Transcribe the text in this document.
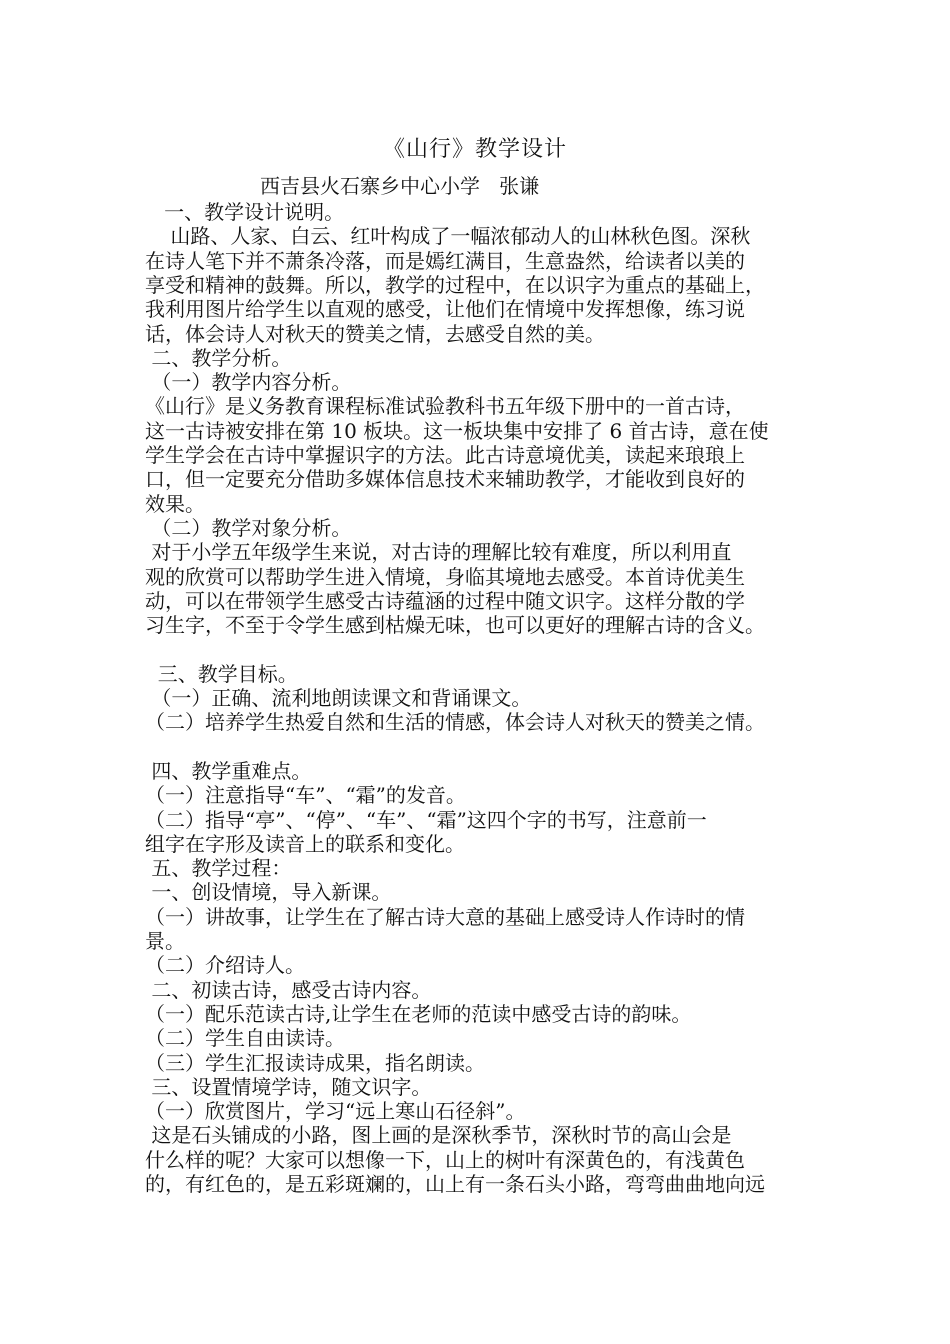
《山行》教学设计
西吉县火石寨乡中心小学   张谦
一、教学设计说明。
山路、人家、白云、红叶构成了一幅浓郁动人的山林秋色图。深秋
在诗人笔下并不萧条冷落，而是嫣红满目，生意盎然，给读者以美的
享受和精神的鼓舞。所以，教学的过程中，在以识字为重点的基础上，
我利用图片给学生以直观的感受，让他们在情境中发挥想像，练习说
话，体会诗人对秋天的赞美之情，去感受自然的美。
二、教学分析。
（一）教学内容分析。
《山行》是义务教育课程标准试验教科书五年级下册中的一首古诗，
这一古诗被安排在第 10 板块。这一板块集中安排了 6 首古诗，意在使
学生学会在古诗中掌握识字的方法。此古诗意境优美，读起来琅琅上
口，但一定要充分借助多媒体信息技术来辅助教学，才能收到良好的
效果。
（二）教学对象分析。
对于小学五年级学生来说，对古诗的理解比较有难度，所以利用直
观的欣赏可以帮助学生进入情境，身临其境地去感受。本首诗优美生
动，可以在带领学生感受古诗蕴涵的过程中随文识字。这样分散的学
习生字，不至于令学生感到枯燥无味，也可以更好的理解古诗的含义。
三、教学目标。
（一）正确、流利地朗读课文和背诵课文。
（二）培养学生热爱自然和生活的情感，体会诗人对秋天的赞美之情。
四、教学重难点。
（一）注意指导“车”、“霜”的发音。
（二）指导“亭”、“停”、“车”、“霜”这四个字的书写，注意前一
组字在字形及读音上的联系和变化。
五、教学过程：
一、创设情境，导入新课。
（一）讲故事，让学生在了解古诗大意的基础上感受诗人作诗时的情
景。
（二）介绍诗人。
二、初读古诗，感受古诗内容。
（一）配乐范读古诗,让学生在老师的范读中感受古诗的韵味。
（二）学生自由读诗。
（三）学生汇报读诗成果，指名朗读。
三、设置情境学诗，随文识字。
（一）欣赏图片，学习“远上寒山石径斜”。
这是石头铺成的小路，图上画的是深秋季节，深秋时节的高山会是
什么样的呢？大家可以想像一下，山上的树叶有深黄色的，有浅黄色
的，有红色的，是五彩斑斓的，山上有一条石头小路，弯弯曲曲地向远
